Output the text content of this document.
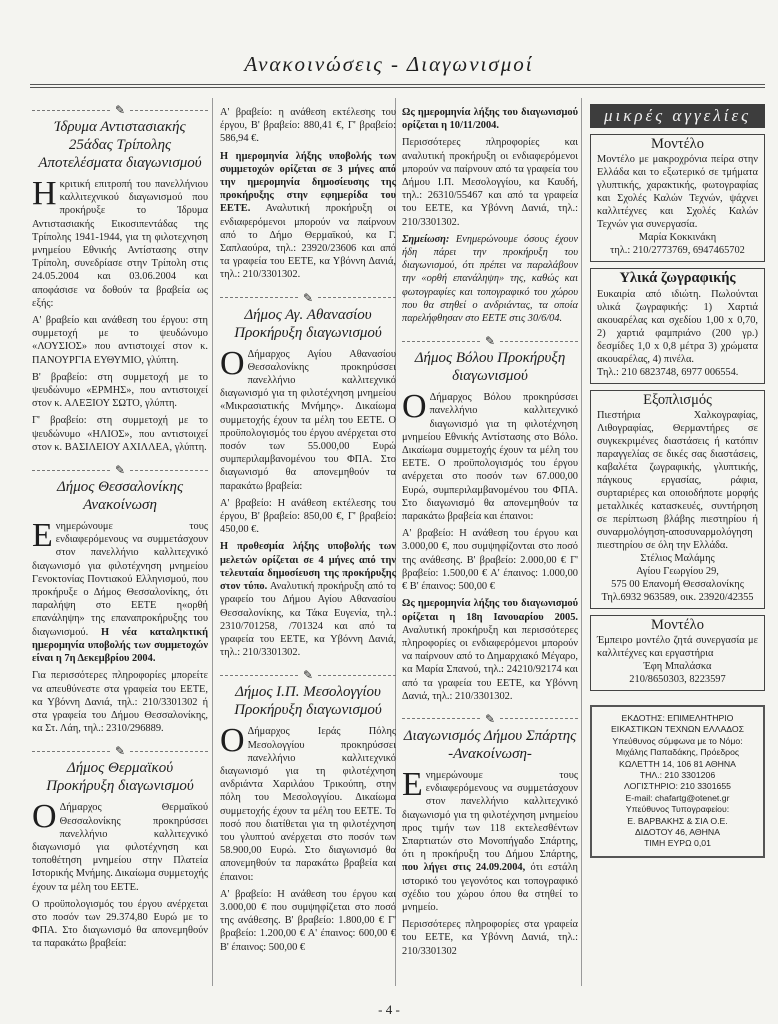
Ανακοινώσεις - Διαγωνισμοί
✎
Ίδρυμα Αντιστασιακής 25άδας Τρίπολης Αποτελέσματα διαγωνισμού

Ηκριτική επιτροπή του πανελλήνιου καλλιτεχνικού διαγωνισμού που προκήρυξε το Ίδρυμα Αντιστασιακής Εικοσιπεντάδας της Τρίπολης 1941-1944, για τη φιλοτεχνηση μνημείου Εθνικής Αντίστασης στην Τρίπολη, συνεδρίασε στην Τρίπολη στις 24.05.2004 και 03.06.2004 και αποφάσισε να δοθούν τα βραβεία ως εξής:

Α' βραβείο και ανάθεση του έργου: στη συμμετοχή με το ψευδώνυμο «ΛΟΥΣΙΟΣ» που αντιστοιχεί στον κ. ΠΑΝΟΥΡΓΙΑ ΕΥΘΥΜΙΟ, γλύπτη.

Β' βραβείο: στη συμμετοχή με το ψευδώνυμο «ΕΡΜΗΣ», που αντιστοιχεί στον κ. ΑΛΕΞΙΟΥ ΣΩΤΟ, γλύπτη.

Γ' βραβείο: στη συμμετοχή με το ψευδώνυμο «ΗΛΙΟΣ», που αντιστοιχεί στον κ. ΒΑΣΙΛΕΙΟΥ ΑΧΙΛΛΕΑ, γλύπτη.

✎
Δήμος Θεσσαλονίκης Ανακοίνωση

Ενημερώνουμε τους ενδιαφερόμενους να συμμετάσχουν στον πανελλήνιο καλλιτεχνικό διαγωνισμό για φιλοτέχνηση μνημείου Γενοκτονίας Ποντιακού Ελληνισμού, που προκήρυξε ο Δήμος Θεσσαλονίκης, ότι παραλήψη στο ΕΕΤΕ η«ορθή επανάληψη» της επαναπροκήρυξης του διαγωνισμού. Η νέα καταληκτική ημερομηνία υποβολής των συμμετοχών είναι η 7η Δεκεμβρίου 2004.

Για περισσότερες πληροφορίες μπορείτε να απευθύνεστε στα γραφεία του ΕΕΤΕ, κα Υβόννη Δανιά, τηλ.: 210/3301302 ή στα γραφεία του Δήμου Θεσσαλονίκης, κα Στ. Λάη, τηλ.: 2310/296889.

✎
Δήμος Θερμαϊκού Προκήρυξη διαγωνισμού

ΟΔήμαρχος Θερμαϊκού Θεσσαλονίκης προκηρύσσει πανελλήνιο καλλιτεχνικό διαγωνισμό για φιλοτέχνηση και τοποθέτηση μνημείου στην Πλατεία Ιστορικής Μνήμης. Δικαίωμα συμμετοχής έχουν τα μέλη του ΕΕΤΕ.

Ο προϋπολογισμός του έργου ανέρχεται στο ποσόν των 29.374,80 Ευρώ με το ΦΠΑ. Στο διαγωνισμό θα απονεμηθούν τα παρακάτω βραβεία:

Α' βραβείο: η ανάθεση εκτέλεσης του έργου, Β' βραβείο: 880,41 €, Γ' βραβείο: 586,94 €.

Η ημερομηνία λήξης υποβολής των συμμετοχών ορίζεται σε 3 μήνες από την ημερομηνία δημοσίευσης της προκήρυξης στην εφημερίδα του ΕΕΤΕ. Αναλυτική προκήρυξη οι ενδιαφερόμενοι μπορούν να παίρνουν από το Δήμο Θερμαϊκού, κα Γ. Σαπλαούρα, τηλ.: 23920/23606 και από τα γραφεία του ΕΕΤΕ, κα Υβόννη Δανιά, τηλ.: 210/3301302.

✎
Δήμος Αγ. Αθανασίου Προκήρυξη διαγωνισμού

ΟΔήμαρχος Αγίου Αθανασίου Θεσσαλονίκης προκηρύσσει πανελλήνιο καλλιτεχνικό διαγωνισμό για τη φιλοτέχνηση μνημείου «Μικρασιατικής Μνήμης». Δικαίωμα συμμετοχής έχουν τα μέλη του ΕΕΤΕ. Ο προϋπολογισμός του έργου ανέρχεται στο ποσόν των 55.000,00 Ευρώ συμπεριλαμβανομένου του ΦΠΑ. Στο διαγωνισμό θα απονεμηθούν τα παρακάτω βραβεία:

Α' βραβείο: Η ανάθεση εκτέλεσης του έργου, Β' βραβείο: 850,00 €, Γ' βραβείο: 450,00 €.

Η προθεσμία λήξης υποβολής των μελετών ορίζεται σε 4 μήνες από την τελευταία δημοσίευση της προκήρυξης στον τύπο. Αναλυτική προκήρυξη από το γραφείο του Δήμου Αγίου Αθανασίου Θεσσαλονίκης, κα Τάκα Ευγενία, τηλ.: 2310/701258, /701324 και από τα γραφεία του ΕΕΤΕ, κα Υβόννη Δανιά, τηλ.: 210/3301302.

✎
Δήμος Ι.Π. Μεσολογγίου Προκήρυξη διαγωνισμού

ΟΔήμαρχος Ιεράς Πόλης Μεσολογγίου προκηρύσσει πανελλήνιο καλλιτεχνικό διαγωνισμό για τη φιλοτέχνηση ανδριάντα Χαριλάου Τρικούπη, στην πόλη του Μεσολογγίου. Δικαίωμα συμμετοχής έχουν τα μέλη του ΕΕΤΕ. Το ποσό που διατίθεται για τη φιλοτέχνηση του γλυπτού ανέρχεται στο ποσόν των 58.900,00 Ευρώ. Στο διαγωνισμό θα απονεμηθούν τα παρακάτω βραβεία και έπαινοι:

Α' βραβείο: Η ανάθεση του έργου και 3.000,00 € που συμψηφίζεται στο ποσό της ανάθεσης. Β' βραβείο: 1.800,00 € Γ' βραβείο: 1.200,00 € Α' έπαινος: 600,00 € Β' έπαινος: 500,00 €

Ως ημερομηνία λήξης του διαγωνισμού ορίζεται η 10/11/2004.

Περισσότερες πληροφορίες και αναλυτική προκήρυξη οι ενδιαφερόμενοι μπορούν να παίρνουν από τα γραφεία του Δήμου Ι.Π. Μεσολογγίου, κα Καυδή, τηλ.: 26310/55467 και από τα γραφεία του ΕΕΤΕ, κα Υβόννη Δανιά, τηλ.: 210/3301302.

Σημείωση: Ενημερώνουμε όσους έχουν ήδη πάρει την προκήρυξη του διαγωνισμού, ότι πρέπει να παραλάβουν την «ορθή επανάληψη» της, καθώς και φωτογραφίες και τοπογραφικό του χώρου που θα στηθεί ο ανδριάντας, τα οποία παρελήφθησαν στο ΕΕΤΕ στις 30/6/04.

✎
Δήμος Βόλου Προκήρυξη διαγωνισμού

ΟΔήμαρχος Βόλου προκηρύσσει πανελλήνιο καλλιτεχνικό διαγωνισμό για τη φιλοτέχνηση μνημείου Εθνικής Αντίστασης στο Βόλο. Δικαίωμα συμμετοχής έχουν τα μέλη του ΕΕΤΕ. Ο προϋπολογισμός του έργου ανέρχεται στο ποσόν των 67.000,00 Ευρώ, συμπεριλαμβανομένου του ΦΠΑ. Στο διαγωνισμό θα απονεμηθούν τα παρακάτω βραβεία και έπαινοι:

Α' βραβείο: Η ανάθεση του έργου και 3.000,00 €, που συμψηφίζονται στο ποσό της ανάθεσης. Β' βραβείο: 2.000,00 € Γ' βραβείο: 1.500,00 € Α' έπαινος: 1.000,00 € Β' έπαινος: 500,00 €

Ως ημερομηνία λήξης του διαγωνισμού ορίζεται η 18η Ιανουαρίου 2005. Αναλυτική προκήρυξη και περισσότερες πληροφορίες οι ενδιαφερόμενοι μπορούν να παίρνουν από το Δημαρχιακό Μέγαρο, κα Μαρία Σπανού, τηλ.: 24210/92174 και από τα γραφεία του ΕΕΤΕ, κα Υβόννη Δανιά, τηλ.: 210/3301302.

✎
Διαγωνισμός Δήμου Σπάρτης -Ανακοίνωση-

Ενημερώνουμε τους ενδιαφερόμενους να συμμετάσχουν στον πανελλήνιο καλλιτεχνικό διαγωνισμό για τη φιλοτέχνηση μνημείου προς τιμήν των 118 εκτελεσθέντων Σπαρτιατών στο Μονοπήγαδο Σπάρτης, ότι η προκήρυξη του Δήμου Σπάρτης, που λήγει στις 24.09.2004, ότι εστάλη ιστορικό του γεγονότος και τοπογραφικό σχέδιο του χώρου όπου θα στηθεί το μνημείο.

Περισσότερες πληροφορίες στα γραφεία του ΕΕΤΕ, κα Υβόννη Δανιά, τηλ.: 210/3301302

μικρές αγγελίες
Μοντέλο

Μοντέλο με μακροχρόνια πείρα στην Ελλάδα και το εξωτερικό σε τμήματα γλυπτικής, χαρακτικής, φωτογραφίας και Σχολές Καλών Τεχνών, ψάχνει καλλιτέχνες και Σχολές Καλών Τεχνών για συνεργασία.

Μαρία Κοκκινάκη

τηλ.: 210/2773769, 6947465702

Υλικά ζωγραφικής

Ευκαιρία από ιδιώτη. Πωλούνται υλικά ζωγραφικής: 1) Χαρτιά ακουαρέλας και σχεδίου 1,00 x 0,70, 2) χαρτιά φαμπριάνο (200 γρ.) δεσμίδες 1,0 x 0,8 μέτρα 3) χρώματα ακουαρέλας, 4) πινέλα.

Τηλ.: 210 6823748, 6977 006554.

Εξοπλισμός

Πιεστήρια Χαλκογραφίας, Λιθογραφίας, Θερμαντήρες σε συγκεκριμένες διαστάσεις ή κατόπιν παραγγελίας σε δικές σας διαστάσεις, καβαλέτα ζωγραφικής, γλυπτικής, πάγκους εργασίας, ράφια, συρταριέρες και οποιοδήποτε μορφής μεταλλικές κατασκευές, συντήρηση σε περίπτωση βλάβης πιεστηρίου ή συναρμολόγηση-αποσυναρμολόγηση πιεστηρίου σε όλη την Ελλάδα.

Στέλιος Μαλάμης

Αγίου Γεωργίου 29,

575 00 Επανομή Θεσσαλονίκης

Τηλ.6932 963589, οικ. 23920/42355

Μοντέλο

Έμπειρο μοντέλο ζητά συνεργασία με καλλιτέχνες και εργαστήρια

Έφη Μπαλάσκα

210/8650303, 8223597

ΕΚΔΟΤΗΣ: ΕΠΙΜΕΛΗΤΗΡΙΟ
ΕΙΚΑΣΤΙΚΩΝ ΤΕΧΝΩΝ ΕΛΛΑΔΟΣ
Υπεύθυνος σύμφωνα με το Νόμο:
Μιχάλης Παπαδάκης, Πρόεδρος
ΚΩΛΕΤΤΗ 14, 106 81 ΑΘΗΝΑ
ΤΗΛ.: 210 3301206
ΛΟΓΙΣΤΗΡΙΟ: 210 3301655
E-mail: chafartg@otenet.gr
Υπεύθυνος Τυπογραφείου:
Ε. ΒΑΡΒΑΚΗΣ & ΣΙΑ Ο.Ε.
ΔΙΔΟΤΟΥ 46, ΑΘΗΝΑ
ΤΙΜΗ ΕΥΡΩ 0,01
- 4 -
